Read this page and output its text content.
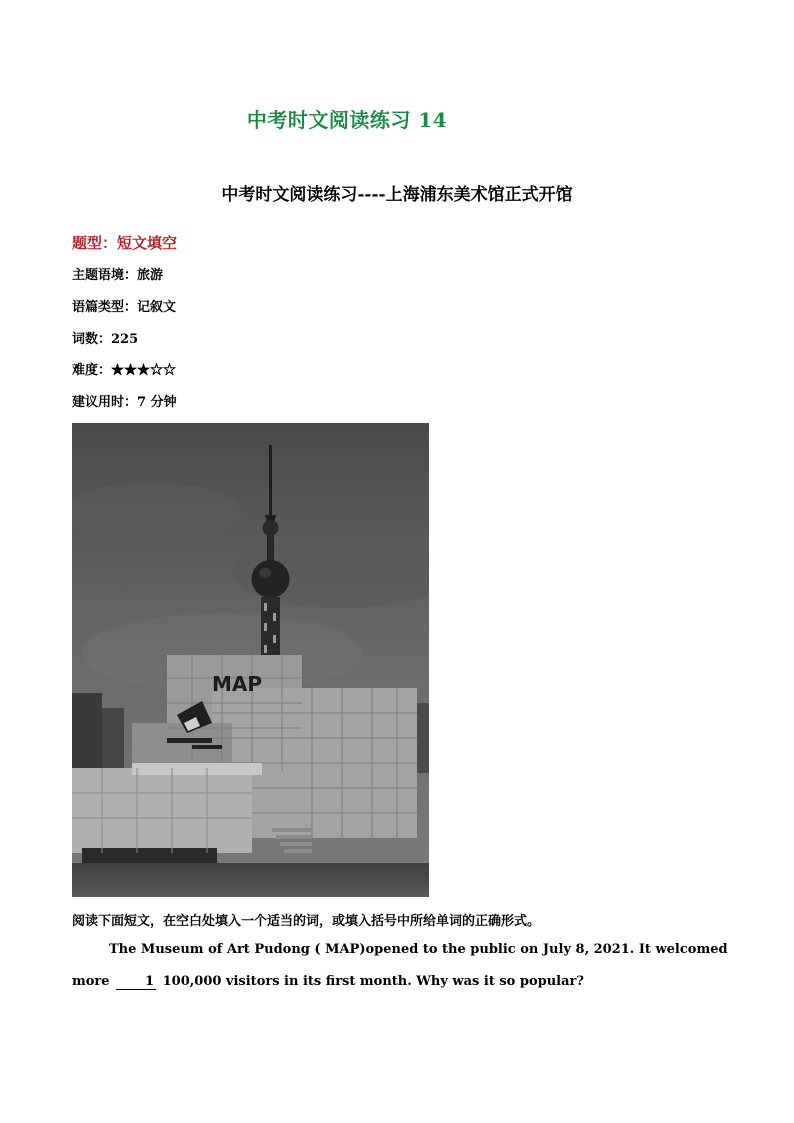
中考时文阅读练习 14
中考时文阅读练习----上海浦东美术馆正式开馆
题型：短文填空
主题语境：旅游
语篇类型：记叙文
词数：225
难度：★★★☆☆
建议用时：7 分钟
MAP
阅读下面短文，在空白处填入一个适当的词，或填入括号中所给单词的正确形式。
The Museum of Art Pudong ( MAP)opened to the public on July 8, 2021. It welcomed
more	1 100,000 visitors in its first month. Why was it so popular?
